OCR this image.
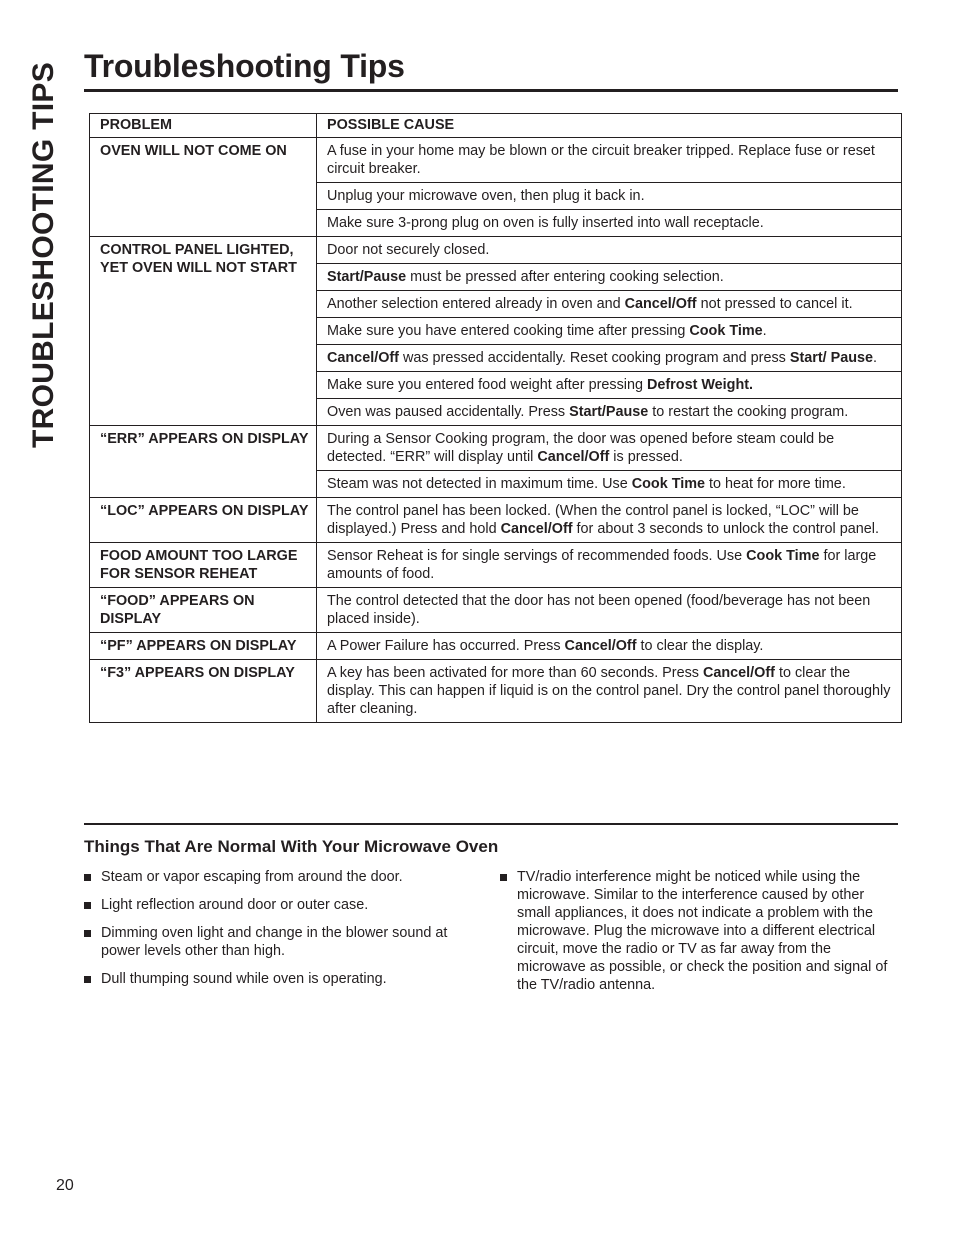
TROUBLESHOOTING TIPS Troubleshooting Tips
PROBLEM	POSSIBLE CAUSE
OVEN WILL NOT COME ON	A fuse in your home may be blown or the circuit breaker tripped. Replace fuse or reset circuit breaker.
	Unplug your microwave oven, then plug it back in.
	Make sure 3-prong plug on oven is fully inserted into wall receptacle.
CONTROL PANEL LIGHTED, YET OVEN WILL NOT START	Door not securely closed.
	Start/Pause must be pressed after entering cooking selection.
	Another selection entered already in oven and Cancel/Off not pressed to cancel it.
	Make sure you have entered cooking time after pressing Cook Time.
	Cancel/Off was pressed accidentally. Reset cooking program and press Start/ Pause.
	Make sure you entered food weight after pressing Defrost Weight.
	Oven was paused accidentally. Press Start/Pause to restart the cooking program.
“ERR” APPEARS ON DISPLAY	During a Sensor Cooking program, the door was opened before steam could be detected. “ERR” will display until Cancel/Off is pressed.
	Steam was not detected in maximum time. Use Cook Time to heat for more time.
“LOC” APPEARS ON DISPLAY	The control panel has been locked. (When the control panel is locked, “LOC” will be displayed.) Press and hold Cancel/Off for about 3 seconds to unlock the control panel.
FOOD AMOUNT TOO LARGE FOR SENSOR REHEAT	Sensor Reheat is for single servings of recommended foods. Use Cook Time for large amounts of food.
“FOOD” APPEARS ON DISPLAY	The control detected that the door has not been opened (food/beverage has not been placed inside).
“PF” APPEARS ON DISPLAY	A Power Failure has occurred. Press Cancel/Off to clear the display.
“F3” APPEARS ON DISPLAY	A key has been activated for more than 60 seconds. Press Cancel/Off to clear the display. This can happen if liquid is on the control panel. Dry the control panel thoroughly after cleaning.
Things That Are Normal With Your Microwave Oven
Steam or vapor escaping from around the door.
Light reflection around door or outer case.
Dimming oven light and change in the blower sound at power levels other than high.
Dull thumping sound while oven is operating.
TV/radio interference might be noticed while using the microwave. Similar to the interference caused by other small appliances, it does not indicate a problem with the microwave. Plug the microwave into a different electrical circuit, move the radio or TV as far away from the microwave as possible, or check the position and signal of the TV/radio antenna.
20
